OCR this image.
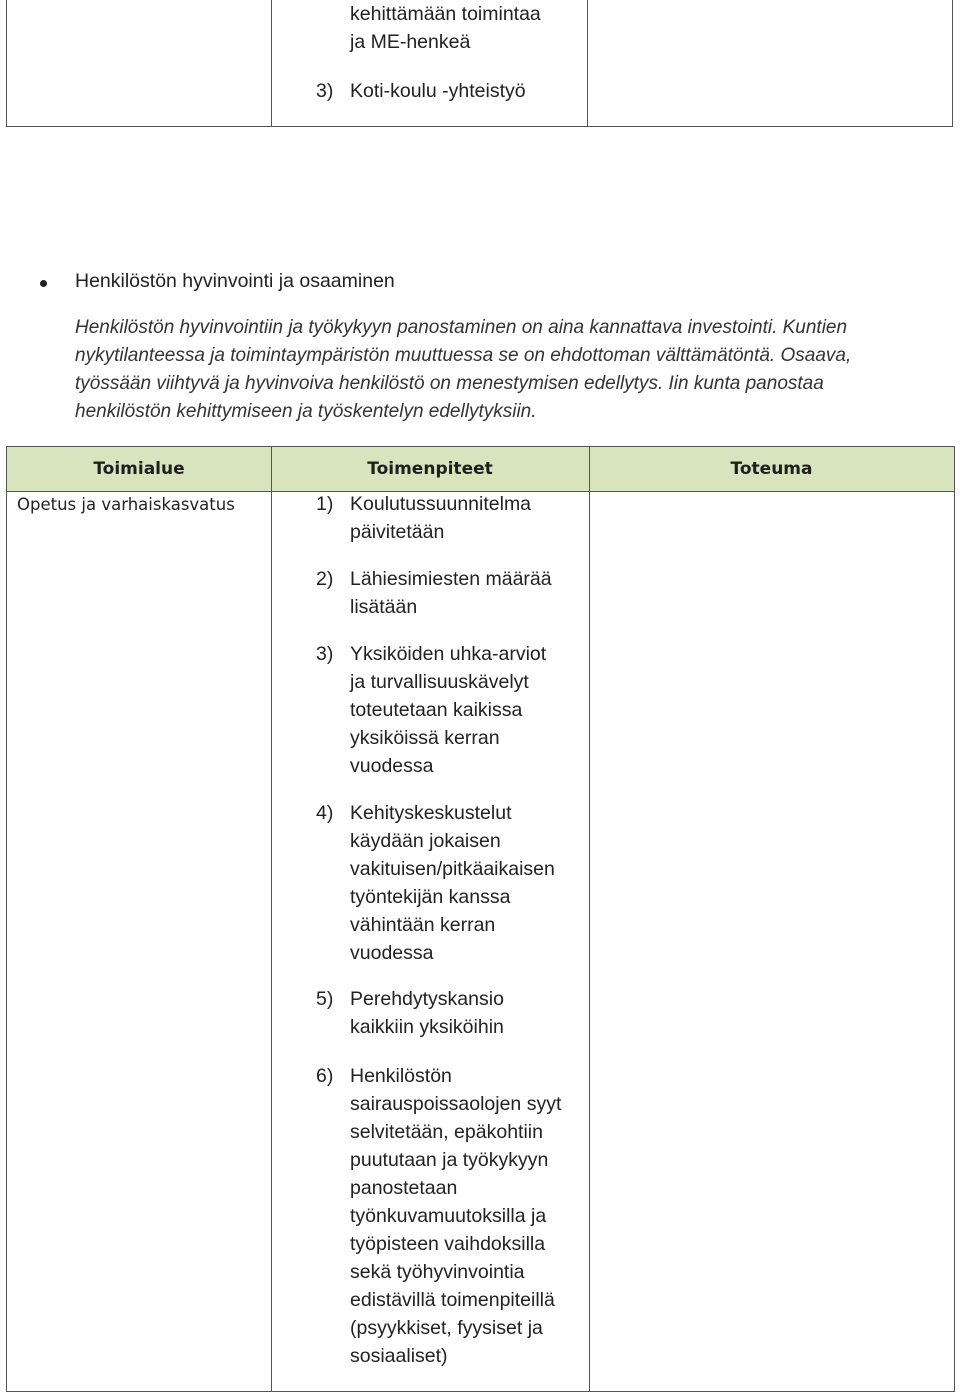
kehittämään toimintaa
ja ME-henkeä
3) Koti-koulu -yhteistyö
Henkilöstön hyvinvointi ja osaaminen
Henkilöstön hyvinvointiin ja työkykyyn panostaminen on aina kannattava investointi. Kuntien
nykytilanteessa ja toimintaympäristön muuttuessa se on ehdottoman välttämätöntä. Osaava,
työssään viihtyvä ja hyvinvoiva henkilöstö on menestymisen edellytys. Iin kunta panostaa
henkilöstön kehittymiseen ja työskentelyn edellytyksiin.
Toimialue	Toimenpiteet	Toteuma
Opetus ja varhaiskasvatus	1) Koulutussuunnitelma
päivitetään
2) Lähiesimiesten määrää
lisätään
3) Yksiköiden uhka-arviot
ja turvallisuuskävelyt
toteutetaan kaikissa
yksiköissä kerran
vuodessa
4) Kehityskeskustelut
käydään jokaisen
vakituisen/pitkäaikaisen
työntekijän kanssa
vähintään kerran
vuodessa
5) Perehdytyskansio
kaikkiin yksiköihin
6) Henkilöstön
sairauspoissaolojen syyt
selvitetään, epäkohtiin
puututaan ja työkykyyn
panostetaan
työnkuvamuutoksilla ja
työpisteen vaihdoksilla
sekä työhyvinvointia
edistävillä toimenpiteillä
(psyykkiset, fyysiset ja
sosiaaliset)
